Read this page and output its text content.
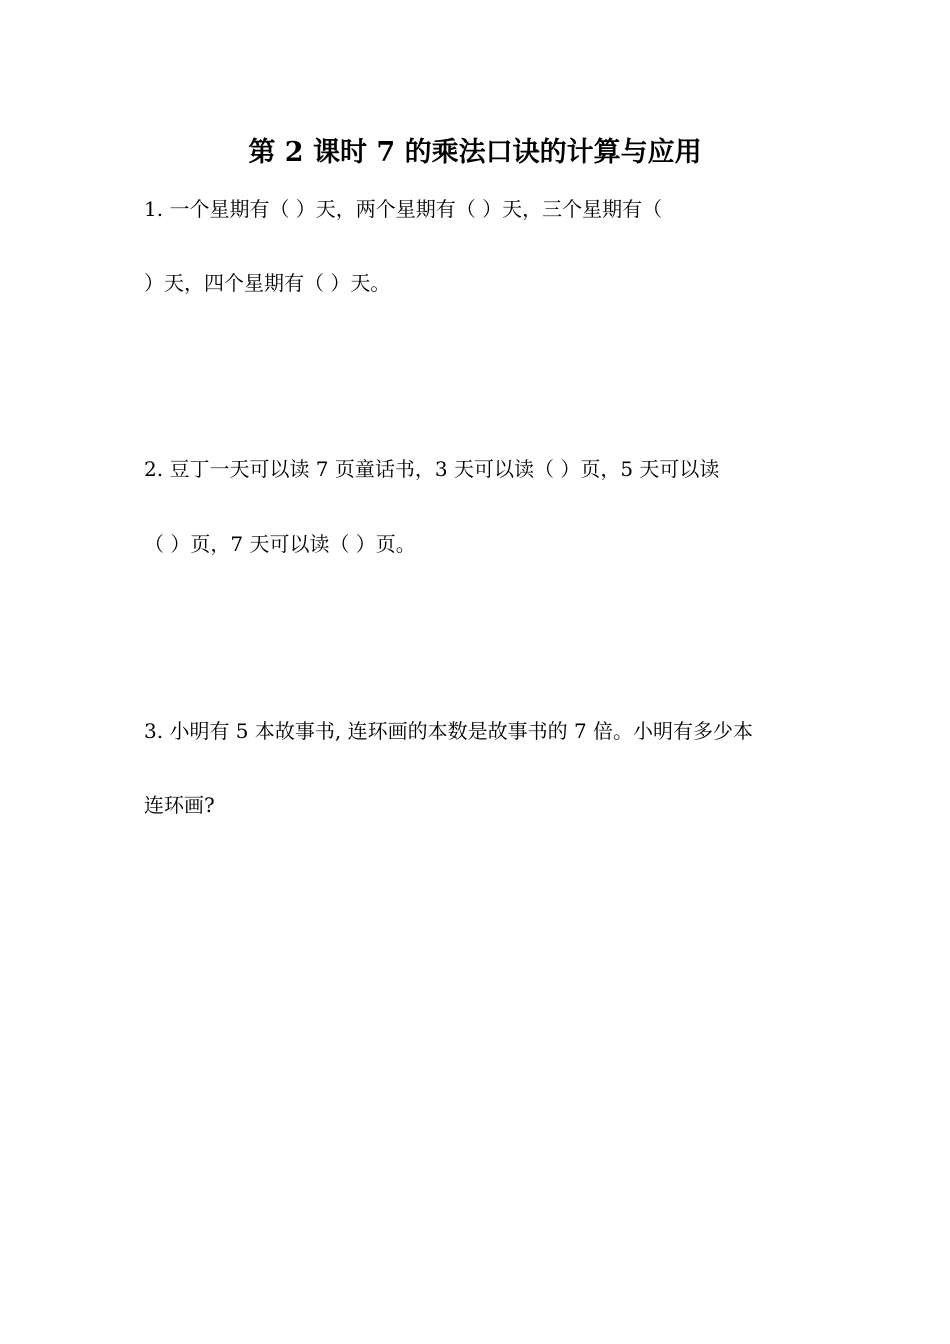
第 2 课时 7 的乘法口诀的计算与应用
1. 一个星期有（ ）天，两个星期有（ ）天，三个星期有（
）天，四个星期有（ ）天。
2. 豆丁一天可以读 7 页童话书，3 天可以读（ ）页，5 天可以读
（ ）页，7 天可以读（ ）页。
3. 小明有 5 本故事书, 连环画的本数是故事书的 7 倍。小明有多少本
连环画?
